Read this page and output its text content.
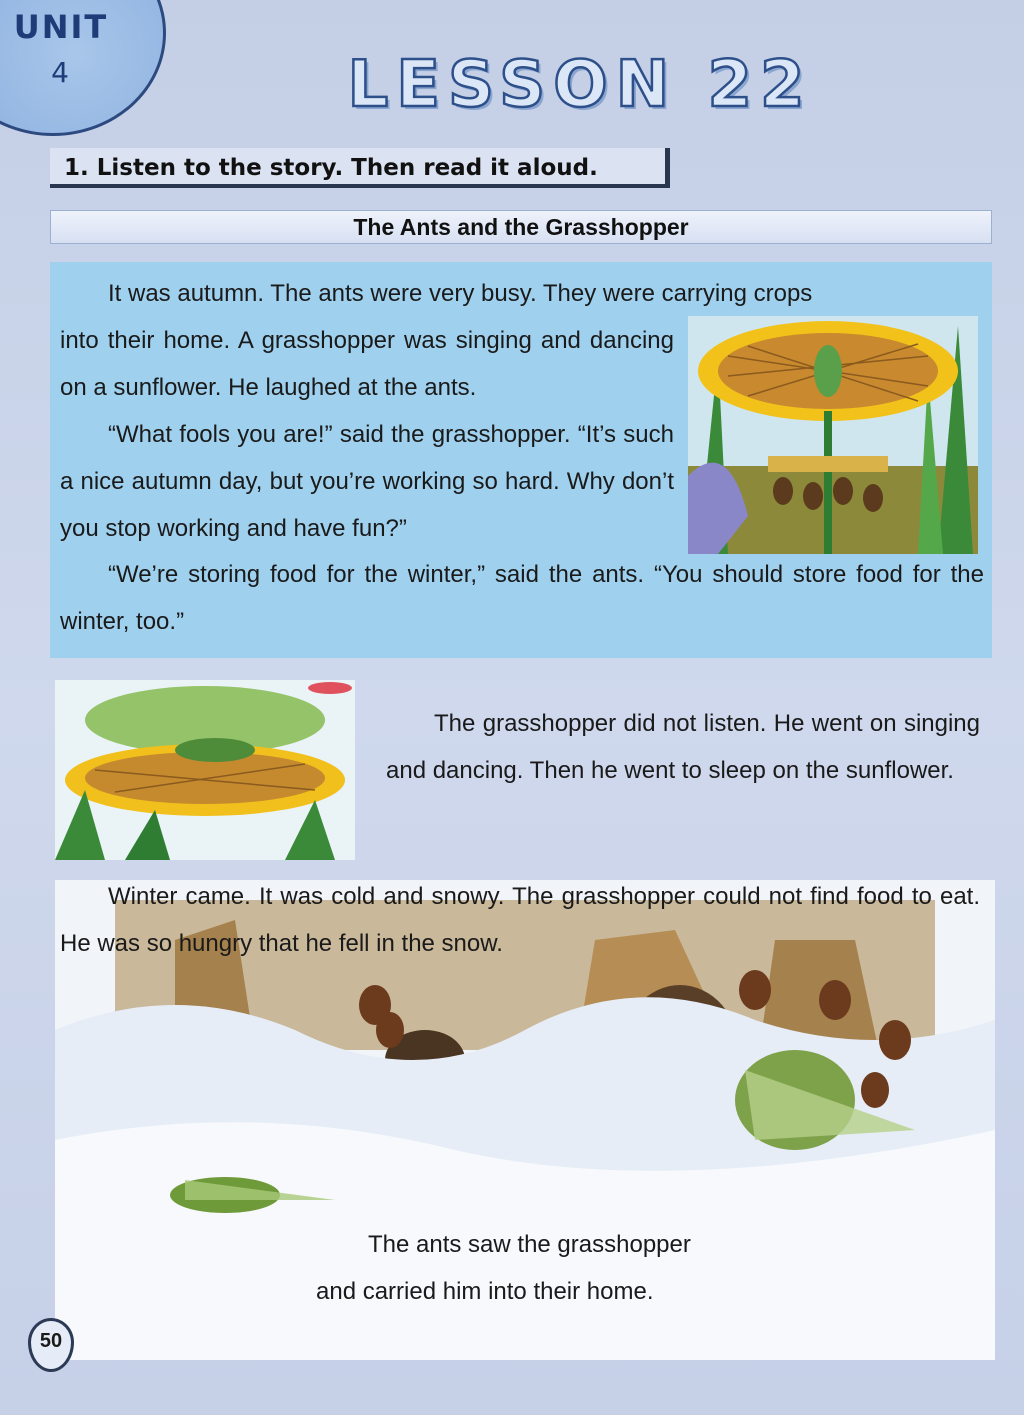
UNIT
4	LESSON 22
1. Listen to the story. Then read it aloud.
The Ants and the Grasshopper
It was autumn. The ants were very busy. They were carrying crops
into their home. A grasshopper was singing and dancing on a sunflower. He laughed at the ants.
“What fools you are!” said the grasshopper. “It’s such a nice autumn day, but you’re working so hard. Why don’t you stop working and have fun?”
“We’re storing food for the winter,” said the ants. “You should store food for the winter, too.”
The grasshopper did not listen. He went on singing and dancing. Then he went to sleep on the sunflower.
Winter came. It was cold and snowy. The grasshopper could not find food to eat. He was so hungry that he fell in the snow.
The ants saw the grasshopper
and carried him into their home.
50
